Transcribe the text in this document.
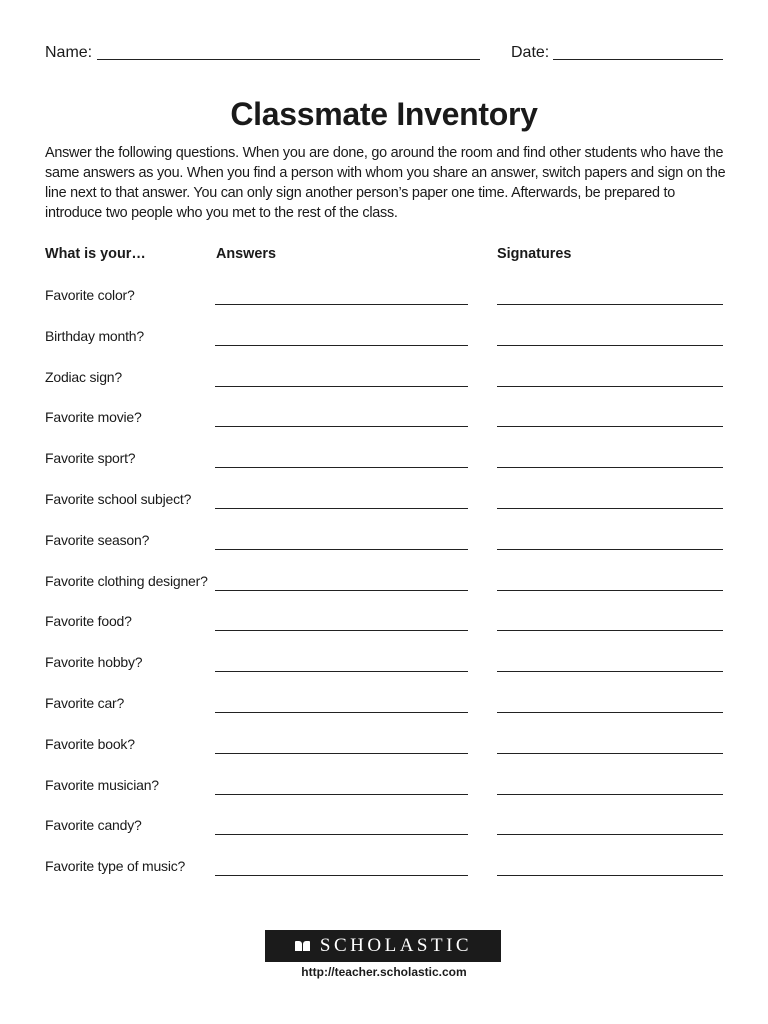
Name:	Date:
Classmate Inventory

Answer the following questions. When you are done, go around the room and find other students who have the same answers as you. When you find a person with whom you share an answer, switch papers and sign on the line next to that answer. You can only sign another person’s paper one time. Afterwards, be prepared to introduce two people who you met to the rest of the class.

What is your…	Answers	Signatures
Favorite color?
Birthday month?
Zodiac sign?
Favorite movie?
Favorite sport?
Favorite school subject?
Favorite season?
Favorite clothing designer?
Favorite food?
Favorite hobby?
Favorite car?
Favorite book?
Favorite musician?
Favorite candy?
Favorite type of music?
SCHOLASTIC
http://teacher.scholastic.com
